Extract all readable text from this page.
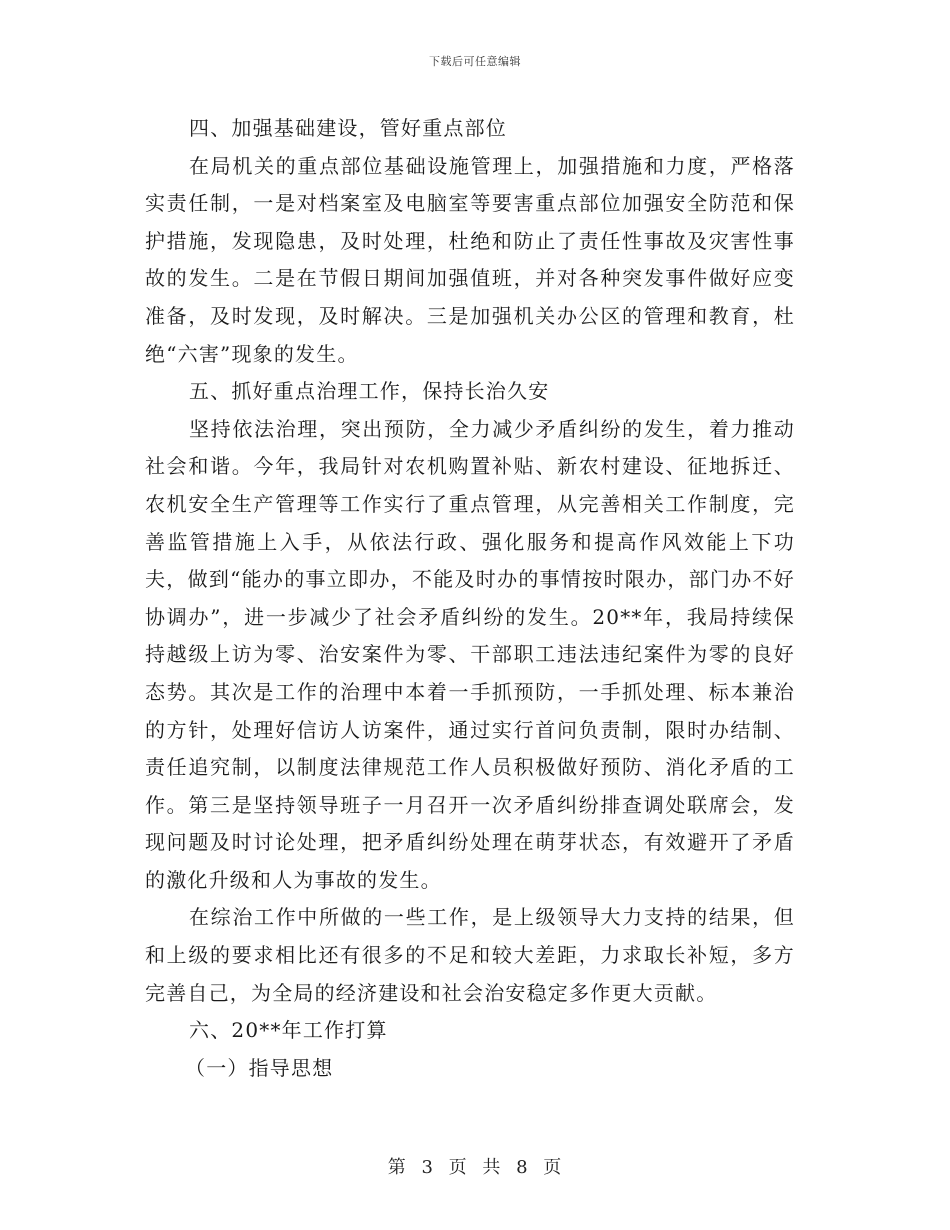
下载后可任意编辑

四、加强基础建设，管好重点部位

在局机关的重点部位基础设施管理上，加强措施和力度，严格落实责任制，一是对档案室及电脑室等要害重点部位加强安全防范和保护措施，发现隐患，及时处理，杜绝和防止了责任性事故及灾害性事故的发生。二是在节假日期间加强值班，并对各种突发事件做好应变准备，及时发现，及时解决。三是加强机关办公区的管理和教育，杜绝“六害”现象的发生。

五、抓好重点治理工作，保持长治久安

坚持依法治理，突出预防，全力减少矛盾纠纷的发生，着力推动社会和谐。今年，我局针对农机购置补贴、新农村建设、征地拆迁、农机安全生产管理等工作实行了重点管理，从完善相关工作制度，完善监管措施上入手，从依法行政、强化服务和提高作风效能上下功夫，做到“能办的事立即办，不能及时办的事情按时限办，部门办不好协调办”，进一步减少了社会矛盾纠纷的发生。20**年，我局持续保持越级上访为零、治安案件为零、干部职工违法违纪案件为零的良好态势。其次是工作的治理中本着一手抓预防，一手抓处理、标本兼治的方针，处理好信访人访案件，通过实行首问负责制，限时办结制、责任追究制，以制度法律规范工作人员积极做好预防、消化矛盾的工作。第三是坚持领导班子一月召开一次矛盾纠纷排查调处联席会，发现问题及时讨论处理，把矛盾纠纷处理在萌芽状态，有效避开了矛盾的激化升级和人为事故的发生。

在综治工作中所做的一些工作，是上级领导大力支持的结果，但和上级的要求相比还有很多的不足和较大差距，力求取长补短，多方完善自己，为全局的经济建设和社会治安稳定多作更大贡献。

六、20**年工作打算

（一）指导思想

第 3 页 共 8 页
